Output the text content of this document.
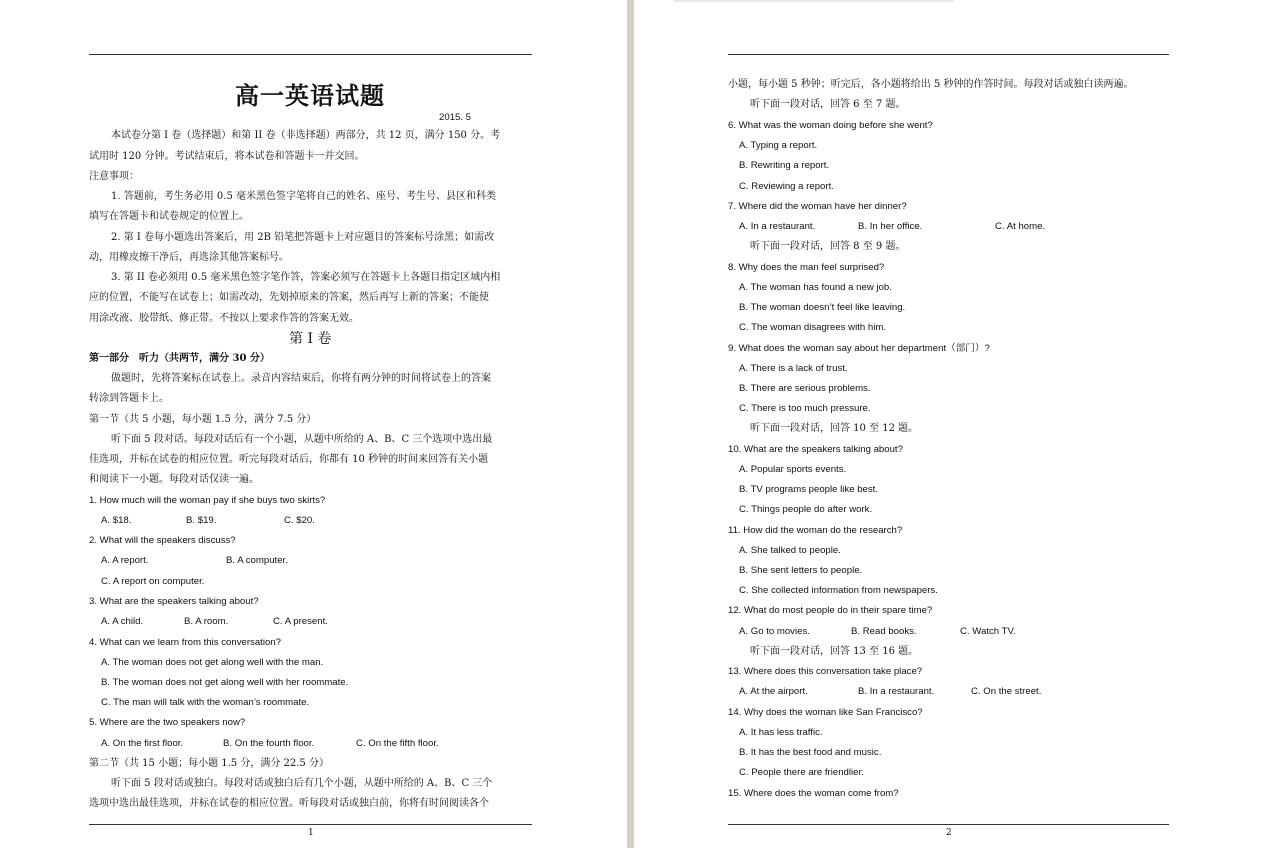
高一英语试题
2015. 5
本试卷分第 I 卷（选择题）和第 II 卷（非选择题）两部分，共 12 页，满分 150 分。考
试用时 120 分钟。考试结束后，将本试卷和答题卡一并交回。
注意事项：
1. 答题前，考生务必用 0.5 毫米黑色签字笔将自己的姓名、座号、考生号、县区和科类
填写在答题卡和试卷规定的位置上。
2. 第 I 卷每小题选出答案后，用 2B 铅笔把答题卡上对应题目的答案标号涂黑；如需改
动，用橡皮擦干净后，再选涂其他答案标号。
3. 第 II 卷必须用 0.5 毫米黑色签字笔作答，答案必须写在答题卡上各题目指定区域内相
应的位置，不能写在试卷上；如需改动，先划掉原来的答案，然后再写上新的答案；不能使
用涂改液、胶带纸、修正带。不按以上要求作答的答案无效。
第 I 卷
第一部分　听力（共两节，满分 30 分）
做题时，先将答案标在试卷上。录音内容结束后，你将有两分钟的时间将试卷上的答案
转涂到答题卡上。
第一节（共 5 小题，每小题 1.5 分，满分 7.5 分）
听下面 5 段对话。每段对话后有一个小题，从题中所给的 A、B、C 三个选项中选出最
佳选项，并标在试卷的相应位置。听完每段对话后，你都有 10 秒钟的时间来回答有关小题
和阅读下一小题。每段对话仅读一遍。
1. How much will the woman pay if she buys two skirts?
A. $18.	B. $19.	C. $20.
2. What will the speakers discuss?
A. A report.	B. A computer.
C. A report on computer.
3. What are the speakers talking about?
A. A child.	B. A room.	C. A present.
4. What can we learn from this conversation?
A. The woman does not get along well with the man.
B. The woman does not get along well with her roommate.
C. The man will talk with the woman’s roommate.
5. Where are the two speakers now?
A. On the first floor.	B. On the fourth floor.	C. On the fifth floor.
第二节（共 15 小题；每小题 1.5 分，满分 22.5 分）
听下面 5 段对话或独白。每段对话或独白后有几个小题，从题中所给的 A、B、C 三个
选项中选出最佳选项，并标在试卷的相应位置。听每段对话或独白前，你将有时间阅读各个
1
小题，每小题 5 秒钟；听完后，各小题将给出 5 秒钟的作答时间。每段对话或独白读两遍。
听下面一段对话，回答 6 至 7 题。
6. What was the woman doing before she went?
A. Typing a report.
B. Rewriting a report.
C. Reviewing a report.
7. Where did the woman have her dinner?
A. In a restaurant.	B. In her office.	C. At home.
听下面一段对话，回答 8 至 9 题。
8. Why does the man feel surprised?
A. The woman has found a new job.
B. The woman doesn’t feel like leaving.
C. The woman disagrees with him.
9. What does the woman say about her department（部门）?
A. There is a lack of trust.
B. There are serious problems.
C. There is too much pressure.
听下面一段对话，回答 10 至 12 题。
10. What are the speakers talking about?
A. Popular sports events.
B. TV programs people like best.
C. Things people do after work.
11. How did the woman do the research?
A. She talked to people.
B. She sent letters to people.
C. She collected information from newspapers.
12. What do most people do in their spare time?
A. Go to movies.	B. Read books.	C. Watch TV.
听下面一段对话，回答 13 至 16 题。
13. Where does this conversation take place?
A. At the airport.	B. In a restaurant.	C. On the street.
14. Why does the woman like San Francisco?
A. It has less traffic.
B. It has the best food and music.
C. People there are friendlier.
15. Where does the woman come from?
2
